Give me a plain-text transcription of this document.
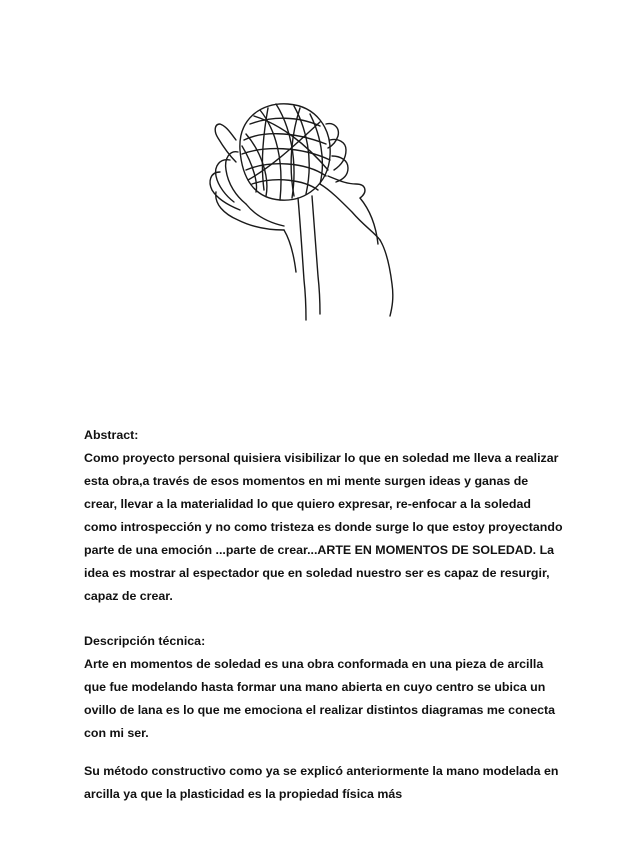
Abstract:

Como proyecto personal quisiera visibilizar lo que en soledad me lleva a realizar esta obra,a través de esos momentos en mi mente surgen ideas y ganas de crear, llevar a la materialidad lo que quiero expresar, re-enfocar a la soledad como introspección y no como tristeza es donde surge lo que estoy proyectando parte de una emoción ...parte de crear...ARTE EN MOMENTOS DE SOLEDAD. La idea es mostrar al espectador que en soledad nuestro ser es capaz de resurgir, capaz de crear.

Descripción técnica:

Arte en momentos de soledad es una obra conformada en una pieza de arcilla que fue modelando hasta formar una mano abierta en cuyo centro se ubica un ovillo de lana es lo que me emociona el realizar distintos diagramas me conecta con mi ser.

Su método constructivo como ya se explicó anteriormente la mano modelada en arcilla ya que la plasticidad es la propiedad física más
